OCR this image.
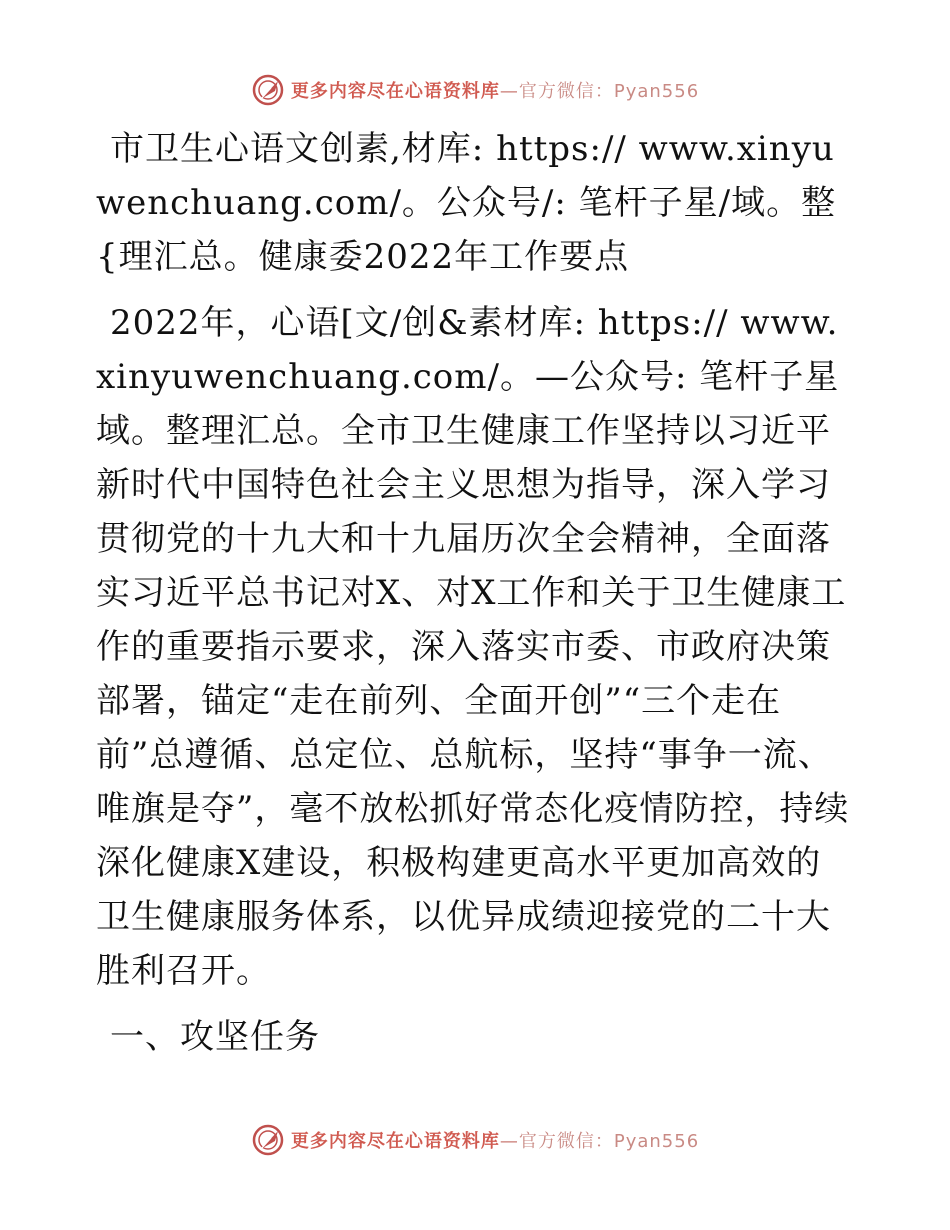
更多内容尽在心语资料库—官方微信：Pyan556

市卫生心语文创素,材库: https:// www.xinyuwenchuang.com/。公众号/: 笔杆子星/域。整{理汇总。健康委2022年工作要点

2022年，心语[文/创&素材库: https:// www.xinyuwenchuang.com/。—公众号: 笔杆子星域。整理汇总。全市卫生健康工作坚持以习近平新时代中国特色社会主义思想为指导，深入学习贯彻党的十九大和十九届历次全会精神，全面落实习近平总书记对X、对X工作和关于卫生健康工作的重要指示要求，深入落实市委、市政府决策部署，锚定“走在前列、全面开创”“三个走在前”总遵循、总定位、总航标，坚持“事争一流、唯旗是夺”，毫不放松抓好常态化疫情防控，持续深化健康X建设，积极构建更高水平更加高效的卫生健康服务体系，以优异成绩迎接党的二十大胜利召开。

一、攻坚任务

更多内容尽在心语资料库—官方微信：Pyan556
